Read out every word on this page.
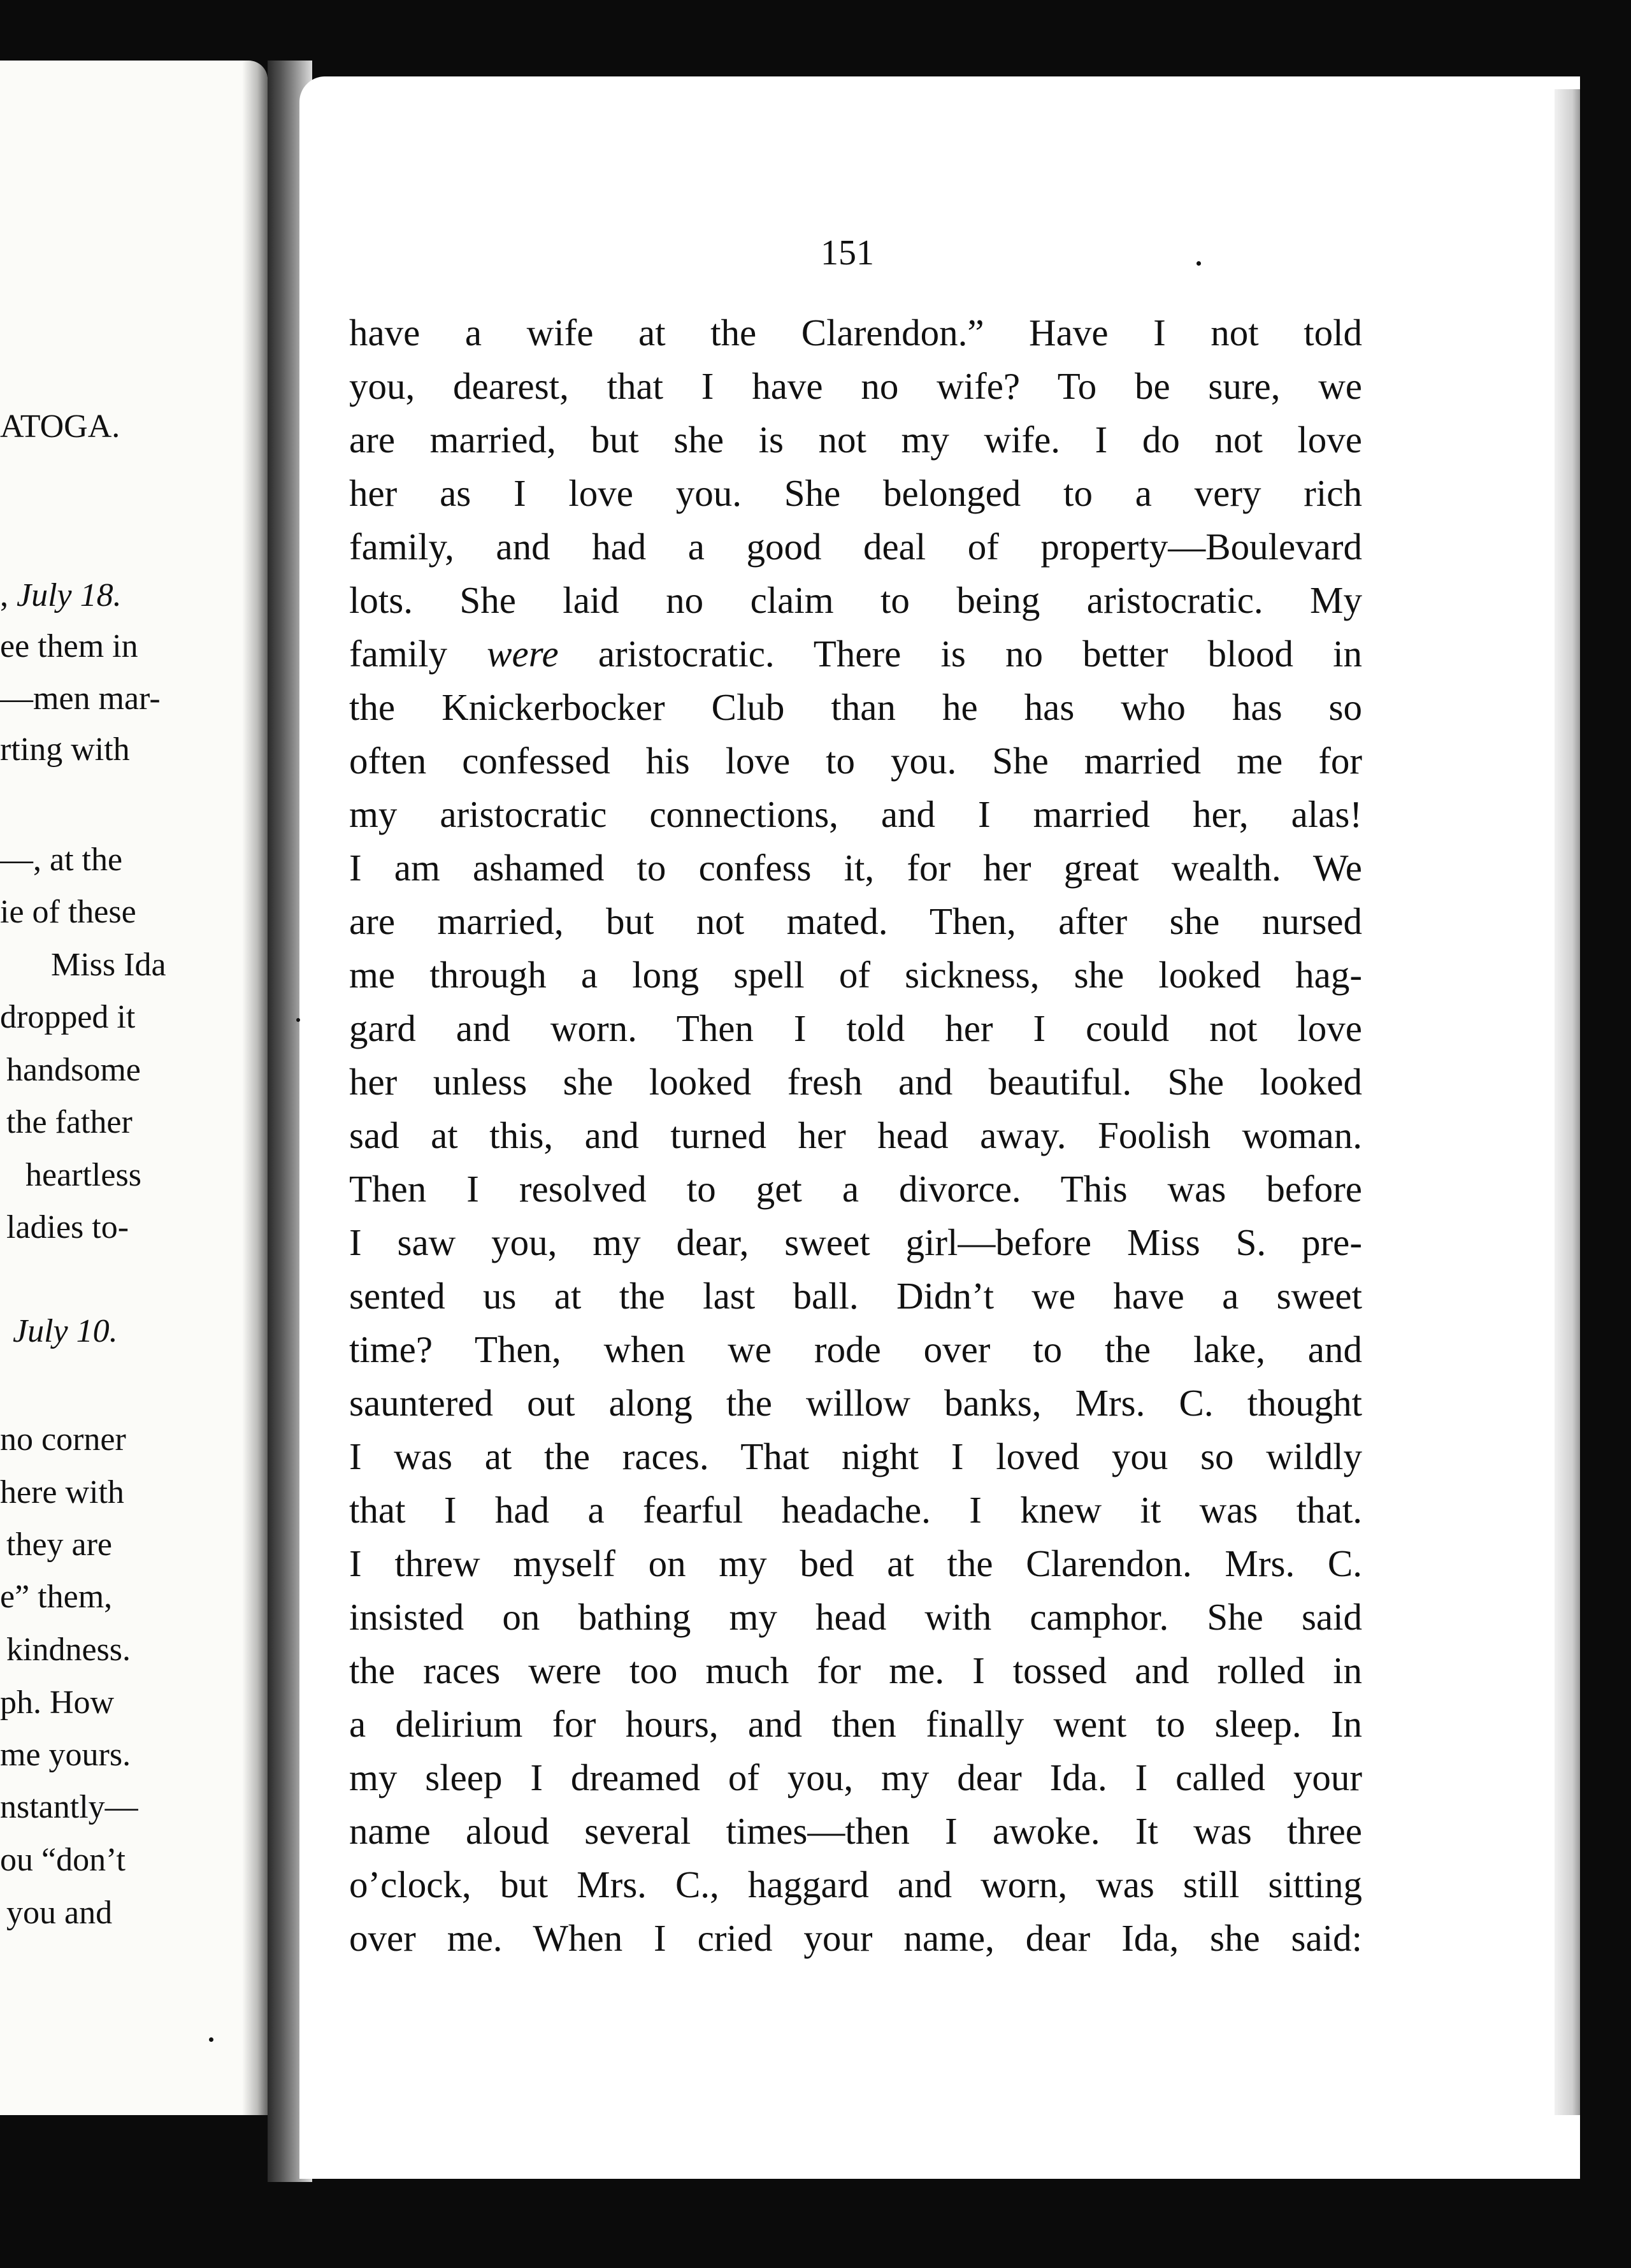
ATOGA.
, July 18.
ee them in
—men mar-
rting with
—, at the
ie of these
Miss Ida
dropped it
handsome
the father
heartless
ladies to-
July 10.
no corner
here with
they are
e” them,
kindness.
ph. How
me yours.
nstantly—
ou “don’t
you and
151
have a wife at the Clarendon.” Have I not told
you, dearest, that I have no wife? To be sure, we
are married, but she is not my wife. I do not love
her as I love you. She belonged to a very rich
family, and had a good deal of property—Boulevard
lots. She laid no claim to being aristocratic. My
family were aristocratic. There is no better blood in
the Knickerbocker Club than he has who has so
often confessed his love to you. She married me for
my aristocratic connections, and I married her, alas!
I am ashamed to confess it, for her great wealth. We
are married, but not mated. Then, after she nursed
me through a long spell of sickness, she looked hag-
gard and worn. Then I told her I could not love
her unless she looked fresh and beautiful. She looked
sad at this, and turned her head away. Foolish woman.
Then I resolved to get a divorce. This was before
I saw you, my dear, sweet girl—before Miss S. pre-
sented us at the last ball. Didn’t we have a sweet
time? Then, when we rode over to the lake, and
sauntered out along the willow banks, Mrs. C. thought
I was at the races. That night I loved you so wildly
that I had a fearful headache. I knew it was that.
I threw myself on my bed at the Clarendon. Mrs. C.
insisted on bathing my head with camphor. She said
the races were too much for me. I tossed and rolled in
a delirium for hours, and then finally went to sleep. In
my sleep I dreamed of you, my dear Ida. I called your
name aloud several times—then I awoke. It was three
o’clock, but Mrs. C., haggard and worn, was still sitting
over me. When I cried your name, dear Ida, she said:
